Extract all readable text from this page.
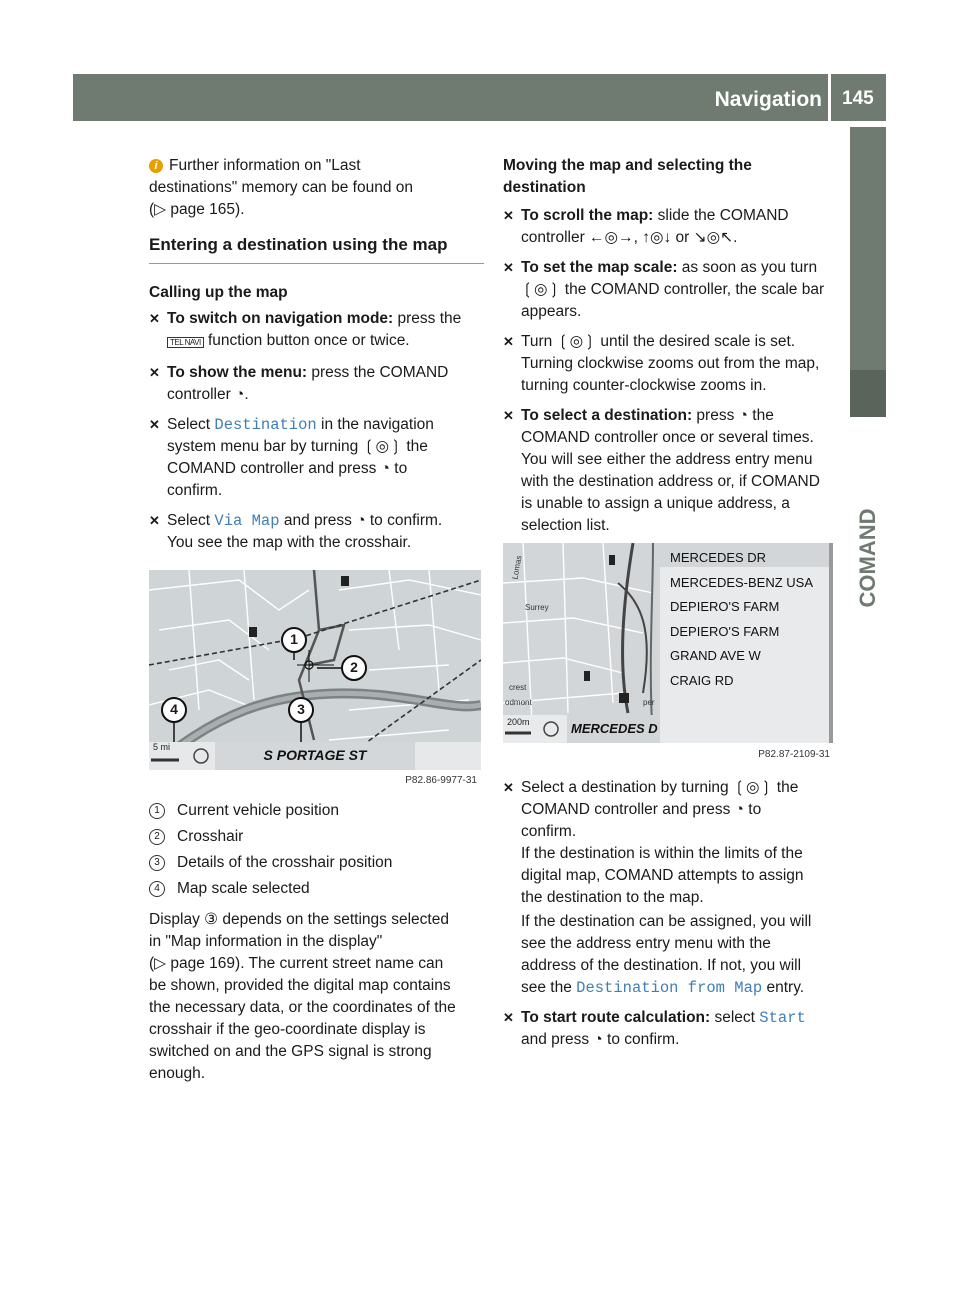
Navigation 145
COMAND

i Further information on "Last

destinations" memory can be found on

(▷ page 165).

Entering a destination using the map

Calling up the map

✕ To switch on navigation mode: press the

TEL NAVI function button once or twice.

✕ To show the menu: press the COMAND

controller ◔.

✕ Select Destination in the navigation

system menu bar by turning ❲◎❳ the

COMAND controller and press ◔ to

confirm.

✕ Select Via Map and press ◔ to confirm.

You see the map with the crosshair.

1
2
3
4
5 mi	S PORTAGE ST
P82.86-9977-31
1	Current vehicle position
2	Crosshair
3	Details of the crosshair position
4	Map scale selected

Display ③ depends on the settings selected

in "Map information in the display"

(▷ page 169). The current street name can

be shown, provided the digital map contains

the necessary data, or the coordinates of the

crosshair if the geo-coordinate display is

switched on and the GPS signal is strong

enough.

Moving the map and selecting the

destination

✕ To scroll the map: slide the COMAND

controller ←◎→, ↑◎↓ or ↘◎↖.

✕ To set the map scale: as soon as you turn

❲◎❳ the COMAND controller, the scale bar

appears.

✕ Turn ❲◎❳ until the desired scale is set.

Turning clockwise zooms out from the map,

turning counter-clockwise zooms in.

✕ To select a destination: press ◔ the

COMAND controller once or several times.

You will see either the address entry menu

with the destination address or, if COMAND

is unable to assign a unique address, a

selection list.

MERCEDES DR
MERCEDES-BENZ USA
DEPIERO'S FARM
DEPIERO'S FARM
GRAND AVE W
CRAIG RD
Surrey
crest
odmont	per
Lomas
200m	MERCEDES D
P82.87-2109-31

✕ Select a destination by turning ❲◎❳ the

COMAND controller and press ◔ to

confirm.

If the destination is within the limits of the

digital map, COMAND attempts to assign

the destination to the map.

If the destination can be assigned, you will

see the address entry menu with the

address of the destination. If not, you will

see the Destination from Map entry.

✕ To start route calculation: select Start

and press ◔ to confirm.
